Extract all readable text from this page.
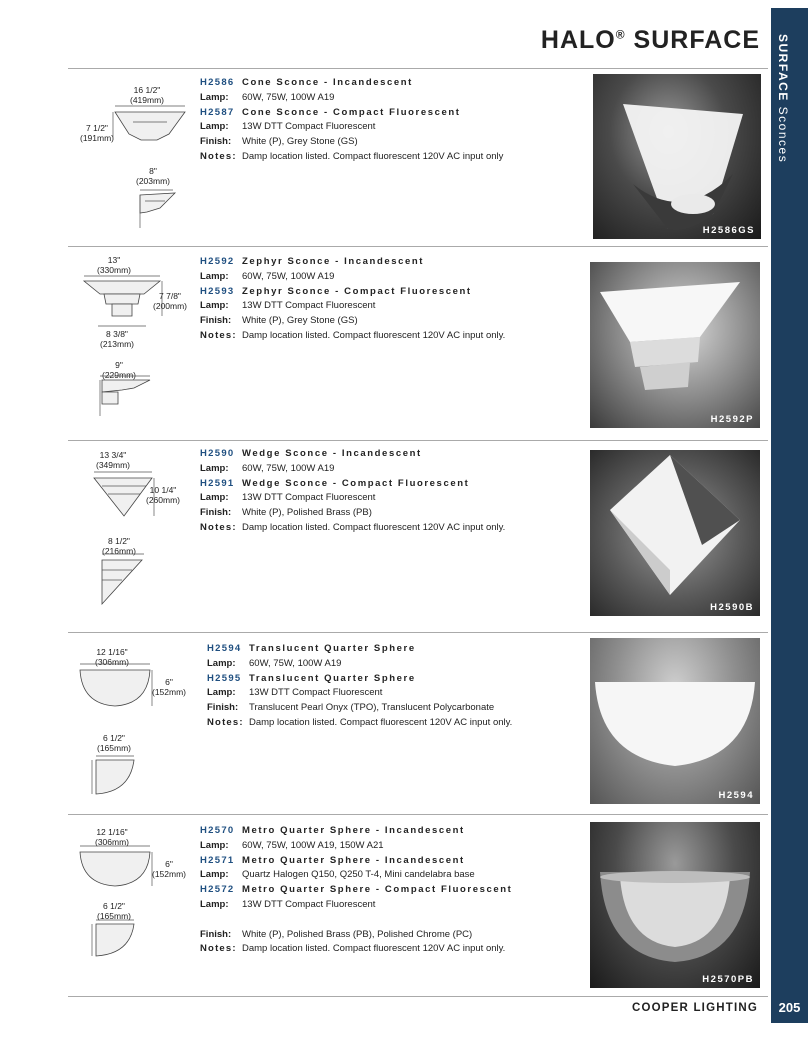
HALO® SURFACE SURFACE Sconces
205
H2586 Cone Sconce - Incandescent
Lamp:	60W, 75W, 100W A19
H2587 Cone Sconce - Compact Fluorescent
Lamp:	13W DTT Compact Fluorescent
Finish:	White (P), Grey Stone (GS)
Notes: Damp location listed. Compact fluorescent 120V AC input only
H2586GS
16 1/2"
(419mm)
7 1/2"
(191mm)
8"
(203mm)
H2592 Zephyr Sconce - Incandescent
Lamp:	60W, 75W, 100W A19
H2593 Zephyr Sconce - Compact Fluorescent
Lamp:	13W DTT Compact Fluorescent
Finish:	White (P), Grey Stone (GS)
Notes: Damp location listed. Compact fluorescent 120V AC input only.
H2592P
13"
(330mm)
7 7/8"
(200mm)
8 3/8"
(213mm)
9"
(229mm)
H2590 Wedge Sconce - Incandescent
Lamp:	60W, 75W, 100W A19
H2591 Wedge Sconce - Compact Fluorescent
Lamp:	13W DTT Compact Fluorescent
Finish:	White (P), Polished Brass (PB)
Notes: Damp location listed. Compact fluorescent 120V AC input only.
H2590B
13 3/4"
(349mm)
10 1/4"
(260mm)
8 1/2"
(216mm)
H2594 Translucent Quarter Sphere
Lamp:	60W, 75W, 100W A19
H2595 Translucent Quarter Sphere
Lamp:	13W DTT Compact Fluorescent
Finish:	Translucent Pearl Onyx (TPO), Translucent Polycarbonate
Notes: Damp location listed. Compact fluorescent 120V AC input only.
H2594
12 1/16"
(306mm)
6"
(152mm)
6 1/2"
(165mm)
H2570 Metro Quarter Sphere - Incandescent
Lamp:	60W, 75W, 100W A19, 150W A21
H2571 Metro Quarter Sphere - Incandescent
Lamp:	Quartz Halogen Q150, Q250 T-4, Mini candelabra base
H2572 Metro Quarter Sphere - Compact Fluorescent
Lamp:	13W DTT Compact Fluorescent
Finish:	White (P), Polished Brass (PB), Polished Chrome (PC)
Notes: Damp location listed. Compact fluorescent 120V AC input only.
H2570PB
12 1/16"
(306mm)
6"
(152mm)
6 1/2"
(165mm)
COOPER LIGHTING
